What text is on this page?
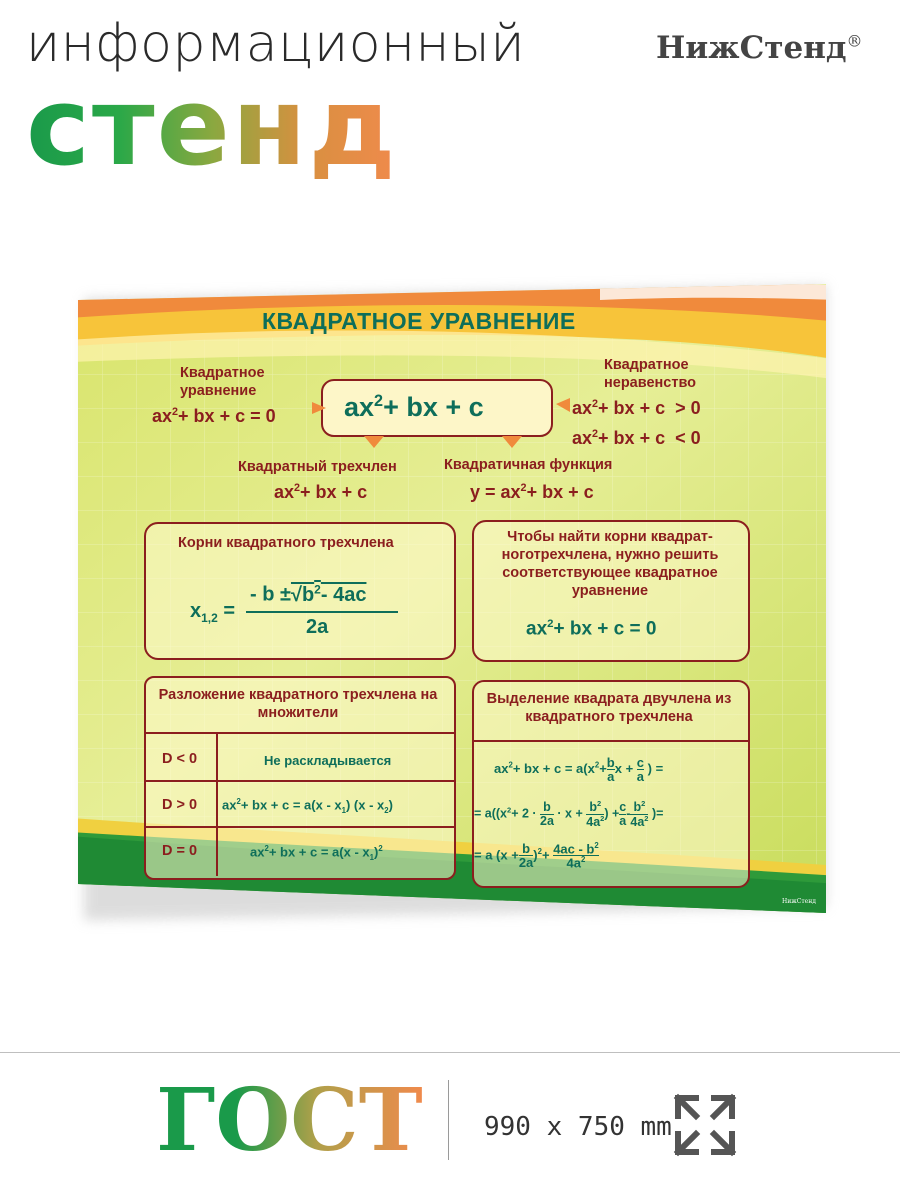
информационный
стенд
НижСтенд®
КВАДРАТНОЕ УРАВНЕНИЕ
$ax^2+$ bx + c
Квадратное уравнение
$ax^2+$ bx + c = 0
Квадратное неравенство
$ax^2+$ bx + c  > 0
$ax^2+$ bx + c  < 0
Квадратный трехчлен
$ax^2+$ bx + c
Квадратичная функция
$y = ax^2+$ bx + c
Корни квадратного трехчлена
$x_{1,2}$ =
- $b \pm√b^2-$ 4ac
2a
Чтобы найти корни квадрат-ноготрехчлена, нужно решить соответствующее квадратное уравнение
$ax^2+$ bx + c = 0
Разложение квадратного трехчлена на множители
D < 0	Не раскладывается
D > 0 $ax^2+$ bx + $c = a(x - x_1)$ $(x - x_2)$
D = 0	$ax^2+$ bx + $c = a(x - x_1)^2$
Выделение квадрата двучлена из квадратного трехчлена
$ax^2+$ bx + $c = a(x^2+ \frac{b}{a}$ $x + \frac{c}{a}$ ) =
= $a((x^2+ 2 \cdot \frac{b}{2a} \cdot x + \frac{b^2}{4a^2}$ ) + $\frac{c}{a} - \frac{b^2}{4a^2}$ )=
= a $(x + \frac{b}{2a} )^2+ \frac{4ac - b^2}{4a^2}$
НижСтенд
ГОСТ 990 x 750 mm
